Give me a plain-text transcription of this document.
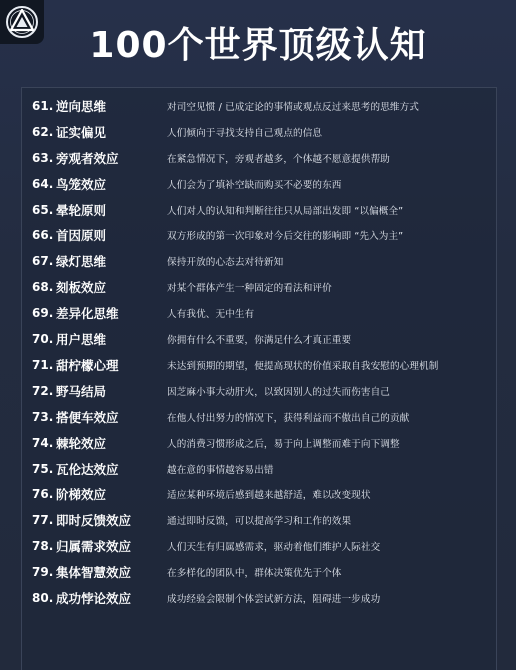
100个世界顶级认知
61. 逆向思维	对司空见惯 / 已成定论的事情或观点反过来思考的思维方式
62. 证实偏见	人们倾向于寻找支持自己观点的信息
63. 旁观者效应	在紧急情况下，旁观者越多，个体越不愿意提供帮助
64. 鸟笼效应	人们会为了填补空缺而购买不必要的东西
65. 晕轮原则	人们对人的认知和判断往往只从局部出发即 “以偏概全”
66. 首因原则	双方形成的第一次印象对今后交往的影响即 “先入为主”
67. 绿灯思维	保持开放的心态去对待新知
68. 刻板效应	对某个群体产生一种固定的看法和评价
69. 差异化思维	人有我优、无中生有
70. 用户思维	你拥有什么不重要，你满足什么才真正重要
71. 甜柠檬心理	未达到预期的期望，便提高现状的价值采取自我安慰的心理机制
72. 野马结局	因芝麻小事大动肝火，以致因别人的过失而伤害自己
73. 搭便车效应	在他人付出努力的情况下，获得利益而不傲出自己的贡献
74. 棘轮效应	人的消费习惯形成之后，易于向上调整而难于向下调整
75. 瓦伦达效应	越在意的事情越容易出错
76. 阶梯效应	适应某种环境后感到越来越舒适，难以改变现状
77. 即时反馈效应	通过即时反馈，可以提高学习和工作的效果
78. 归属需求效应	人们天生有归属感需求，驱动着他们维护人际社交
79. 集体智慧效应	在多样化的团队中，群体决策优先于个体
80. 成功悖论效应	成功经验会限制个体尝试新方法，阻碍进一步成功
